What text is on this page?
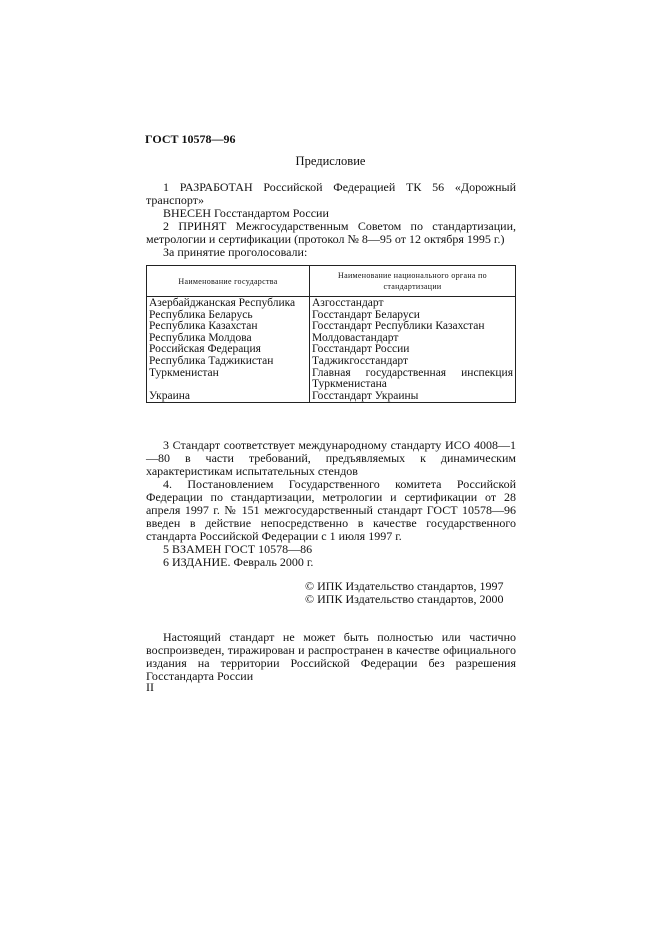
ГОСТ 10578—96
Предисловие

1 РАЗРАБОТАН Российской Федерацией ТК 56 «Дорожный транспорт»

ВНЕСЕН Госстандартом России

2 ПРИНЯТ Межгосударственным Советом по стандартизации, метрологии и сертификации (протокол № 8—95 от 12 октября 1995 г.)

За принятие проголосовали:

Наименование государства	Наименование национального органа по стандартизации
Азербайджанская Республика	Азгосстандарт
Республика Беларусь	Госстандарт Беларуси
Республика Казахстан	Госстандарт Республики Казахстан
Республика Молдова	Молдовастандарт
Российская Федерация	Госстандарт России
Республика Таджикистан	Таджикгосстандарт
Туркменистан	Главная государственная инспекция Туркменистана
Украина	Госстандарт Украины

3 Стандарт соответствует международному стандарту ИСО 4008—1—80 в части требований, предъявляемых к динамическим характеристикам испытательных стендов

4. Постановлением Государственного комитета Российской Федерации по стандартизации, метрологии и сертификации от 28 апреля 1997 г. № 151 межгосударственный стандарт ГОСТ 10578—96 введен в действие непосредственно в качестве государственного стандарта Российской Федерации с 1 июля 1997 г.

5 ВЗАМЕН ГОСТ 10578—86

6 ИЗДАНИЕ. Февраль 2000 г.

© ИПК Издательство стандартов, 1997
© ИПК Издательство стандартов, 2000

Настоящий стандарт не может быть полностью или частично воспроизведен, тиражирован и распространен в качестве официального издания на территории Российской Федерации без разрешения Госстандарта России

II
